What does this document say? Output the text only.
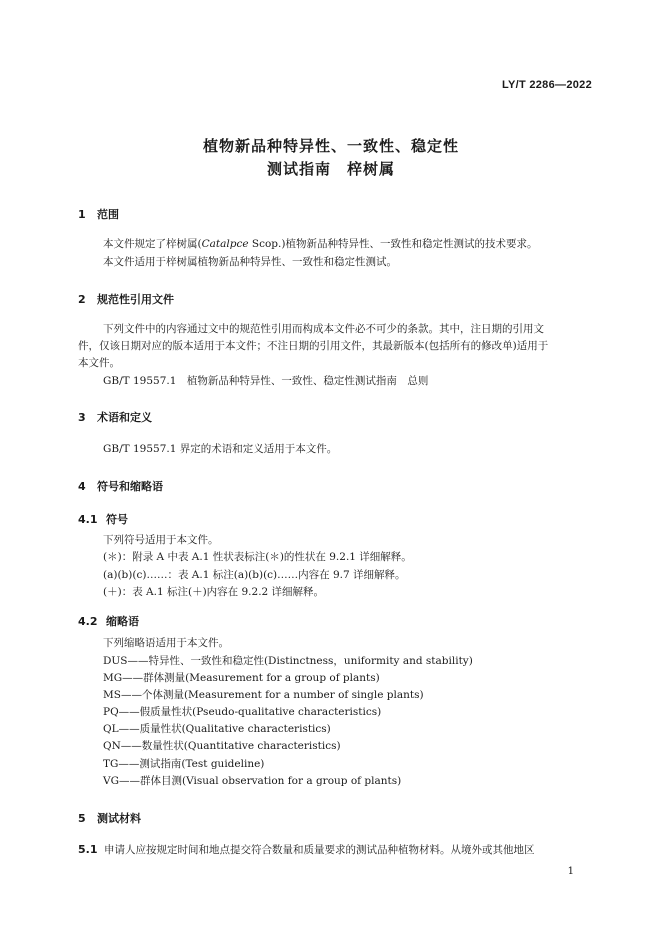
LY/T 2286—2022
植物新品种特异性、一致性、稳定性
测试指南　梓树属
1 范围
本文件规定了梓树属(Catalpce Scop.)植物新品种特异性、一致性和稳定性测试的技术要求。
本文件适用于梓树属植物新品种特异性、一致性和稳定性测试。
2 规范性引用文件
下列文件中的内容通过文中的规范性引用而构成本文件必不可少的条款。其中，注日期的引用文
件，仅该日期对应的版本适用于本文件；不注日期的引用文件，其最新版本(包括所有的修改单)适用于
本文件。
GB/T 19557.1　植物新品种特异性、一致性、稳定性测试指南　总则
3 术语和定义
GB/T 19557.1 界定的术语和定义适用于本文件。
4 符号和缩略语
4.1 符号
下列符号适用于本文件。
(＊)：附录 A 中表 A.1 性状表标注(＊)的性状在 9.2.1 详细解释。
(a)(b)(c)……：表 A.1 标注(a)(b)(c)……内容在 9.7 详细解释。
(＋)：表 A.1 标注(＋)内容在 9.2.2 详细解释。
4.2 缩略语
下列缩略语适用于本文件。
DUS——特异性、一致性和稳定性(Distinctness，uniformity and stability)
MG——群体测量(Measurement for a group of plants)
MS——个体测量(Measurement for a number of single plants)
PQ——假质量性状(Pseudo-qualitative characteristics)
QL——质量性状(Qualitative characteristics)
QN——数量性状(Quantitative characteristics)
TG——测试指南(Test guideline)
VG——群体目测(Visual observation for a group of plants)
5 测试材料
5.1 申请人应按规定时间和地点提交符合数量和质量要求的测试品种植物材料。从境外或其他地区
1
